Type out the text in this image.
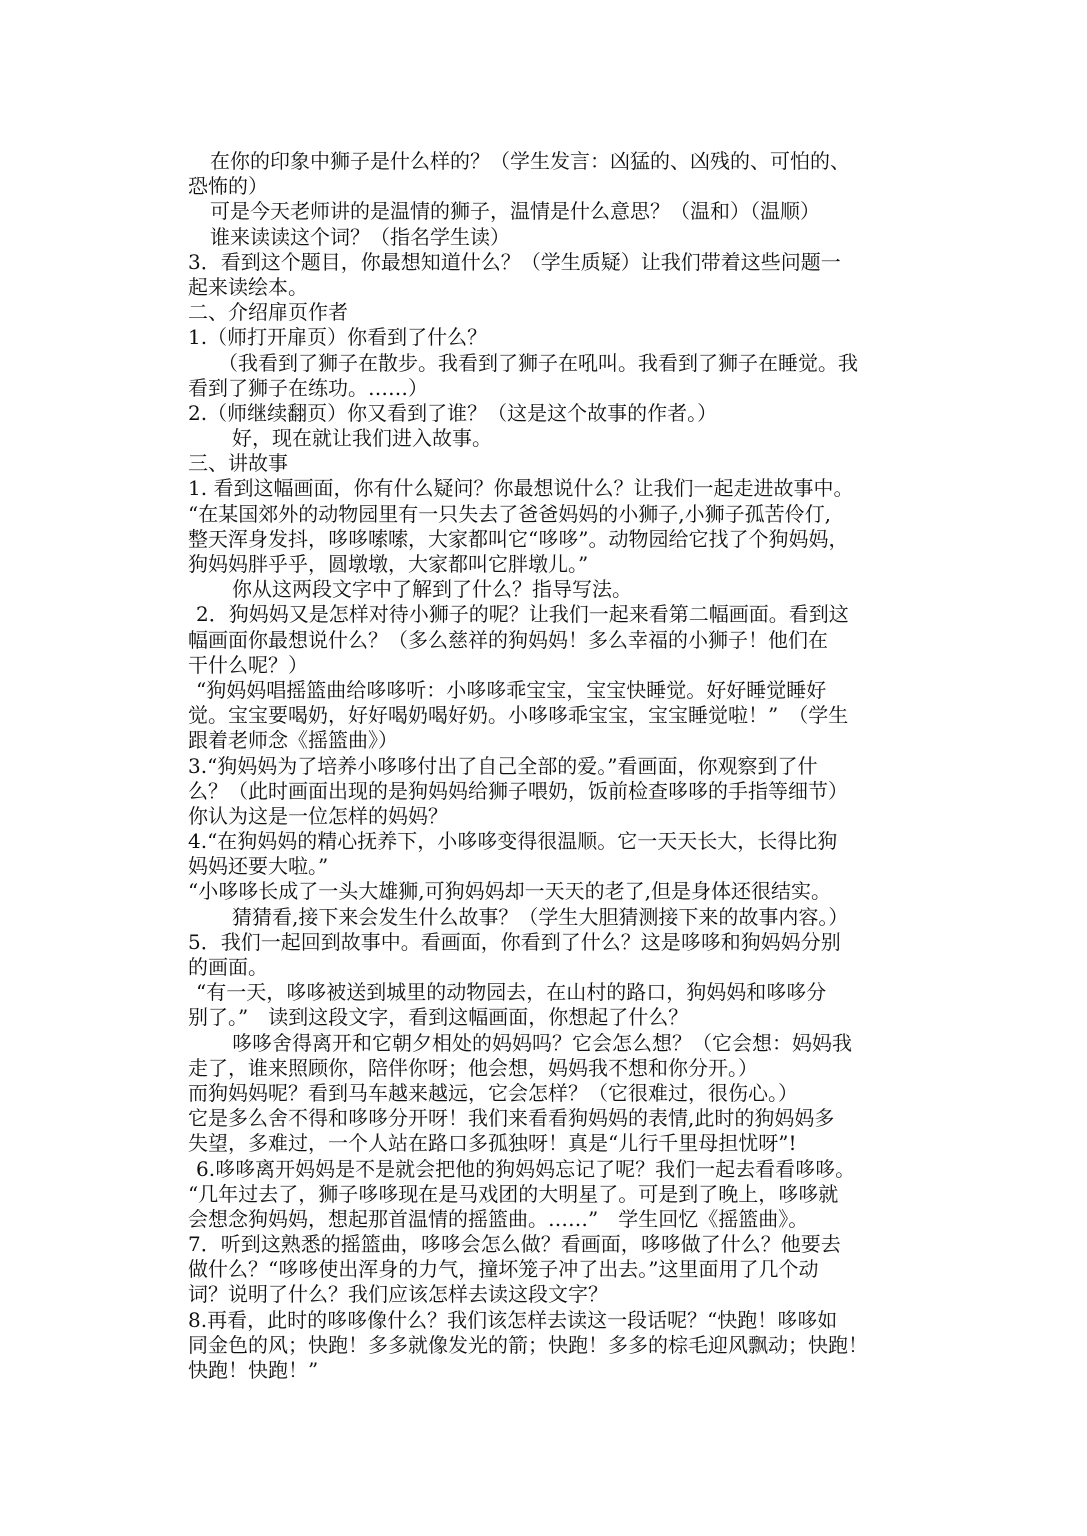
在你的印象中狮子是什么样的？（学生发言：凶猛的、凶残的、可怕的、
恐怖的）
可是今天老师讲的是温情的狮子，温情是什么意思？（温和）（温顺）
谁来读读这个词？（指名学生读）
3．看到这个题目，你最想知道什么？（学生质疑）让我们带着这些问题一
起来读绘本。
二、介绍扉页作者
1.（师打开扉页）你看到了什么？
（我看到了狮子在散步。我看到了狮子在吼叫。我看到了狮子在睡觉。我
看到了狮子在练功。……）
2.（师继续翻页）你又看到了谁？（这是这个故事的作者。）
好，现在就让我们进入故事。
三、讲故事
1. 看到这幅画面，你有什么疑问？你最想说什么？让我们一起走进故事中。
“在某国郊外的动物园里有一只失去了爸爸妈妈的小狮子,小狮子孤苦伶仃,
整天浑身发抖，哆哆嗦嗦，大家都叫它“哆哆”。动物园给它找了个狗妈妈，
狗妈妈胖乎乎，圆墩墩，大家都叫它胖墩儿。”
你从这两段文字中了解到了什么？指导写法。
2．狗妈妈又是怎样对待小狮子的呢？让我们一起来看第二幅画面。看到这
幅画面你最想说什么？（多么慈祥的狗妈妈！多么幸福的小狮子！他们在
干什么呢？）
“狗妈妈唱摇篮曲给哆哆听：小哆哆乖宝宝，宝宝快睡觉。好好睡觉睡好
觉。宝宝要喝奶，好好喝奶喝好奶。小哆哆乖宝宝，宝宝睡觉啦！”　（学生
跟着老师念《摇篮曲》）
3.“狗妈妈为了培养小哆哆付出了自己全部的爱。”看画面，你观察到了什
么？（此时画面出现的是狗妈妈给狮子喂奶，饭前检查哆哆的手指等细节）
你认为这是一位怎样的妈妈？
4.“在狗妈妈的精心抚养下，小哆哆变得很温顺。它一天天长大，长得比狗
妈妈还要大啦。”
“小哆哆长成了一头大雄狮,可狗妈妈却一天天的老了,但是身体还很结实。
猜猜看,接下来会发生什么故事？（学生大胆猜测接下来的故事内容。）
5．我们一起回到故事中。看画面，你看到了什么？这是哆哆和狗妈妈分别
的画面。
“有一天，哆哆被送到城里的动物园去，在山村的路口，狗妈妈和哆哆分
别了。”　读到这段文字，看到这幅画面，你想起了什么？
哆哆舍得离开和它朝夕相处的妈妈吗？它会怎么想？（它会想：妈妈我
走了，谁来照顾你，陪伴你呀；他会想，妈妈我不想和你分开。）
而狗妈妈呢？看到马车越来越远，它会怎样？（它很难过，很伤心。）
它是多么舍不得和哆哆分开呀！我们来看看狗妈妈的表情,此时的狗妈妈多
失望，多难过，一个人站在路口多孤独呀！真是“儿行千里母担忧呀”!
6.哆哆离开妈妈是不是就会把他的狗妈妈忘记了呢？我们一起去看看哆哆。
“几年过去了，狮子哆哆现在是马戏团的大明星了。可是到了晚上，哆哆就
会想念狗妈妈，想起那首温情的摇篮曲。……”　学生回忆《摇篮曲》。
7．听到这熟悉的摇篮曲，哆哆会怎么做？看画面，哆哆做了什么？他要去
做什么？“哆哆使出浑身的力气，撞坏笼子冲了出去。”这里面用了几个动
词？说明了什么？我们应该怎样去读这段文字？
8.再看，此时的哆哆像什么？我们该怎样去读这一段话呢？“快跑！哆哆如
同金色的风；快跑！多多就像发光的箭；快跑！多多的棕毛迎风飘动；快跑！
快跑！快跑！”
